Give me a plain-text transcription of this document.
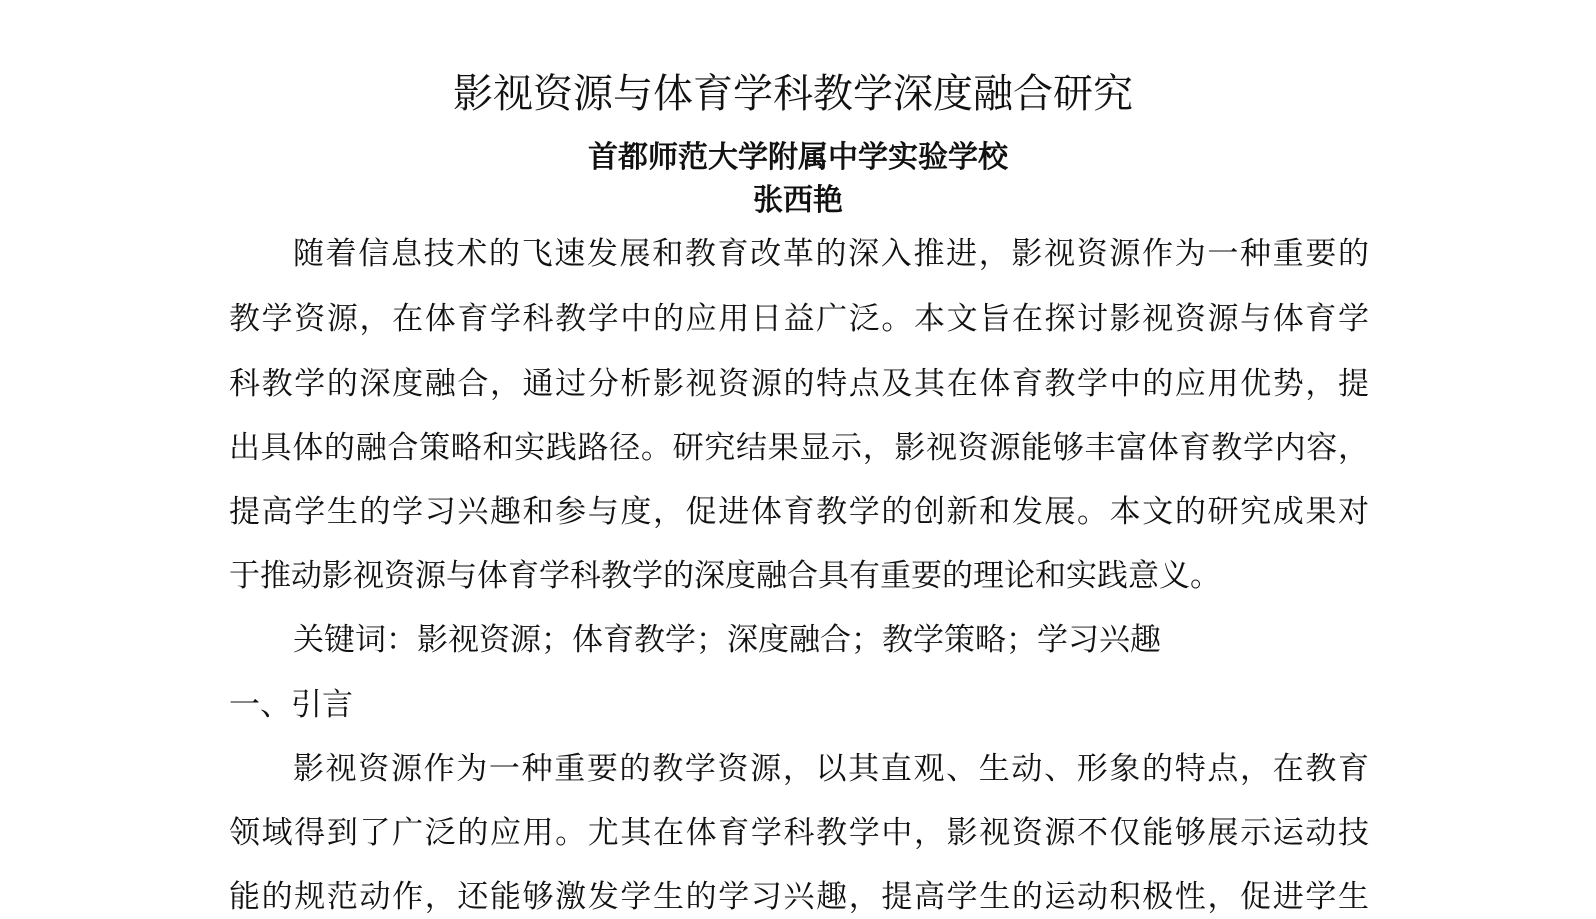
影视资源与体育学科教学深度融合研究
首都师范大学附属中学实验学校
张西艳
随着信息技术的飞速发展和教育改革的深入推进，影视资源作为一种重要的
教学资源，在体育学科教学中的应用日益广泛。本文旨在探讨影视资源与体育学
科教学的深度融合，通过分析影视资源的特点及其在体育教学中的应用优势，提
出具体的融合策略和实践路径。研究结果显示，影视资源能够丰富体育教学内容，
提高学生的学习兴趣和参与度，促进体育教学的创新和发展。本文的研究成果对
于推动影视资源与体育学科教学的深度融合具有重要的理论和实践意义。
关键词：影视资源；体育教学；深度融合；教学策略；学习兴趣
一、引言
影视资源作为一种重要的教学资源，以其直观、生动、形象的特点，在教育
领域得到了广泛的应用。尤其在体育学科教学中，影视资源不仅能够展示运动技
能的规范动作，还能够激发学生的学习兴趣，提高学生的运动积极性，促进学生
